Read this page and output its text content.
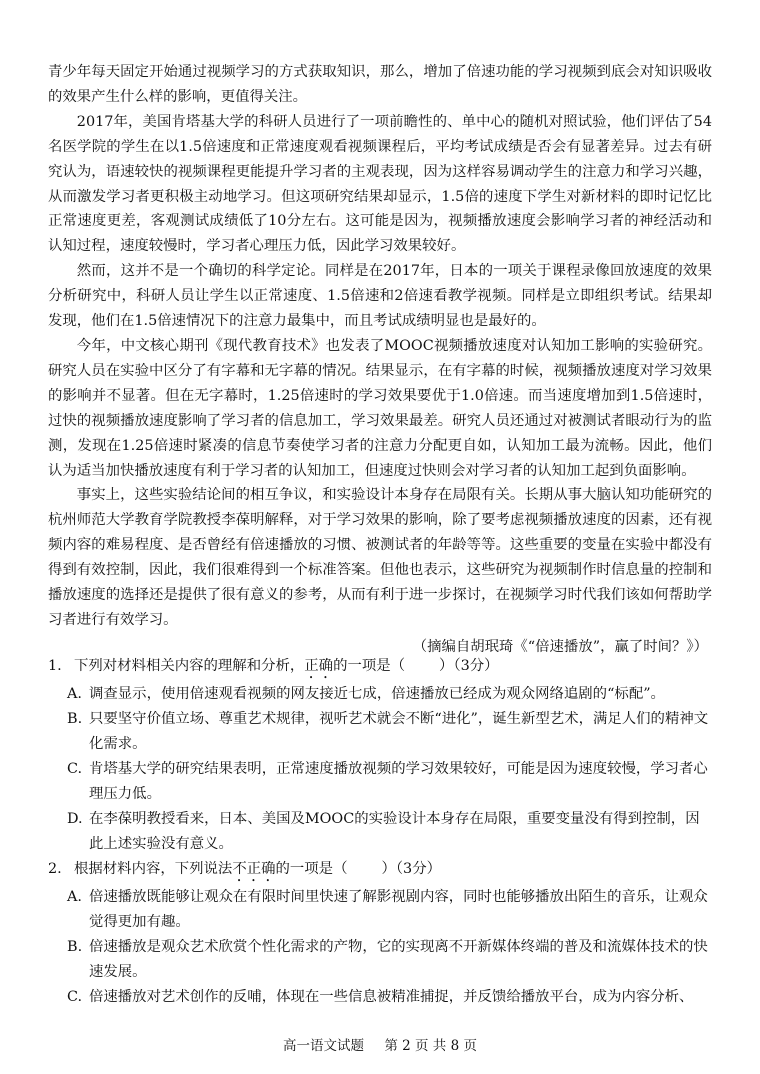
青少年每天固定开始通过视频学习的方式获取知识，那么，增加了倍速功能的学习视频到底会对知识吸收的效果产生什么样的影响，更值得关注。

2017年，美国肯塔基大学的科研人员进行了一项前瞻性的、单中心的随机对照试验，他们评估了54名医学院的学生在以1.5倍速度和正常速度观看视频课程后，平均考试成绩是否会有显著差异。过去有研究认为，语速较快的视频课程更能提升学习者的主观表现，因为这样容易调动学生的注意力和学习兴趣，从而激发学习者更积极主动地学习。但这项研究结果却显示，1.5倍的速度下学生对新材料的即时记忆比正常速度更差，客观测试成绩低了10分左右。这可能是因为，视频播放速度会影响学习者的神经活动和认知过程，速度较慢时，学习者心理压力低，因此学习效果较好。

然而，这并不是一个确切的科学定论。同样是在2017年，日本的一项关于课程录像回放速度的效果分析研究中，科研人员让学生以正常速度、1.5倍速和2倍速看教学视频。同样是立即组织考试。结果却发现，他们在1.5倍速情况下的注意力最集中，而且考试成绩明显也是最好的。

今年，中文核心期刊《现代教育技术》也发表了MOOC视频播放速度对认知加工影响的实验研究。研究人员在实验中区分了有字幕和无字幕的情况。结果显示，在有字幕的时候，视频播放速度对学习效果的影响并不显著。但在无字幕时，1.25倍速时的学习效果要优于1.0倍速。而当速度增加到1.5倍速时，过快的视频播放速度影响了学习者的信息加工，学习效果最差。研究人员还通过对被测试者眼动行为的监测，发现在1.25倍速时紧凑的信息节奏使学习者的注意力分配更自如，认知加工最为流畅。因此，他们认为适当加快播放速度有利于学习者的认知加工，但速度过快则会对学习者的认知加工起到负面影响。

事实上，这些实验结论间的相互争议，和实验设计本身存在局限有关。长期从事大脑认知功能研究的杭州师范大学教育学院教授李葆明解释，对于学习效果的影响，除了要考虑视频播放速度的因素，还有视频内容的难易程度、是否曾经有倍速播放的习惯、被测试者的年龄等等。这些重要的变量在实验中都没有得到有效控制，因此，我们很难得到一个标准答案。但他也表示，这些研究为视频制作时信息量的控制和播放速度的选择还是提供了很有意义的参考，从而有利于进一步探讨，在视频学习时代我们该如何帮助学习者进行有效学习。

（摘编自胡珉琦《“倍速播放”，赢了时间？》）

1. 下列对材料相关内容的理解和分析，正确的一项是（ ）（3分）

A. 调查显示，使用倍速观看视频的网友接近七成，倍速播放已经成为观众网络追剧的“标配”。

B. 只要坚守价值立场、尊重艺术规律，视听艺术就会不断“进化”，诞生新型艺术，满足人们的精神文化需求。

C. 肯塔基大学的研究结果表明，正常速度播放视频的学习效果较好，可能是因为速度较慢，学习者心理压力低。

D. 在李葆明教授看来，日本、美国及MOOC的实验设计本身存在局限，重要变量没有得到控制，因此上述实验没有意义。

2. 根据材料内容，下列说法不正确的一项是（ ）（3分）

A. 倍速播放既能够让观众在有限时间里快速了解影视剧内容，同时也能够播放出陌生的音乐，让观众觉得更加有趣。

B. 倍速播放是观众艺术欣赏个性化需求的产物，它的实现离不开新媒体终端的普及和流媒体技术的快速发展。

C. 倍速播放对艺术创作的反哺，体现在一些信息被精准捕捉，并反馈给播放平台，成为内容分析、

高一语文试题 第 2 页 共 8 页
